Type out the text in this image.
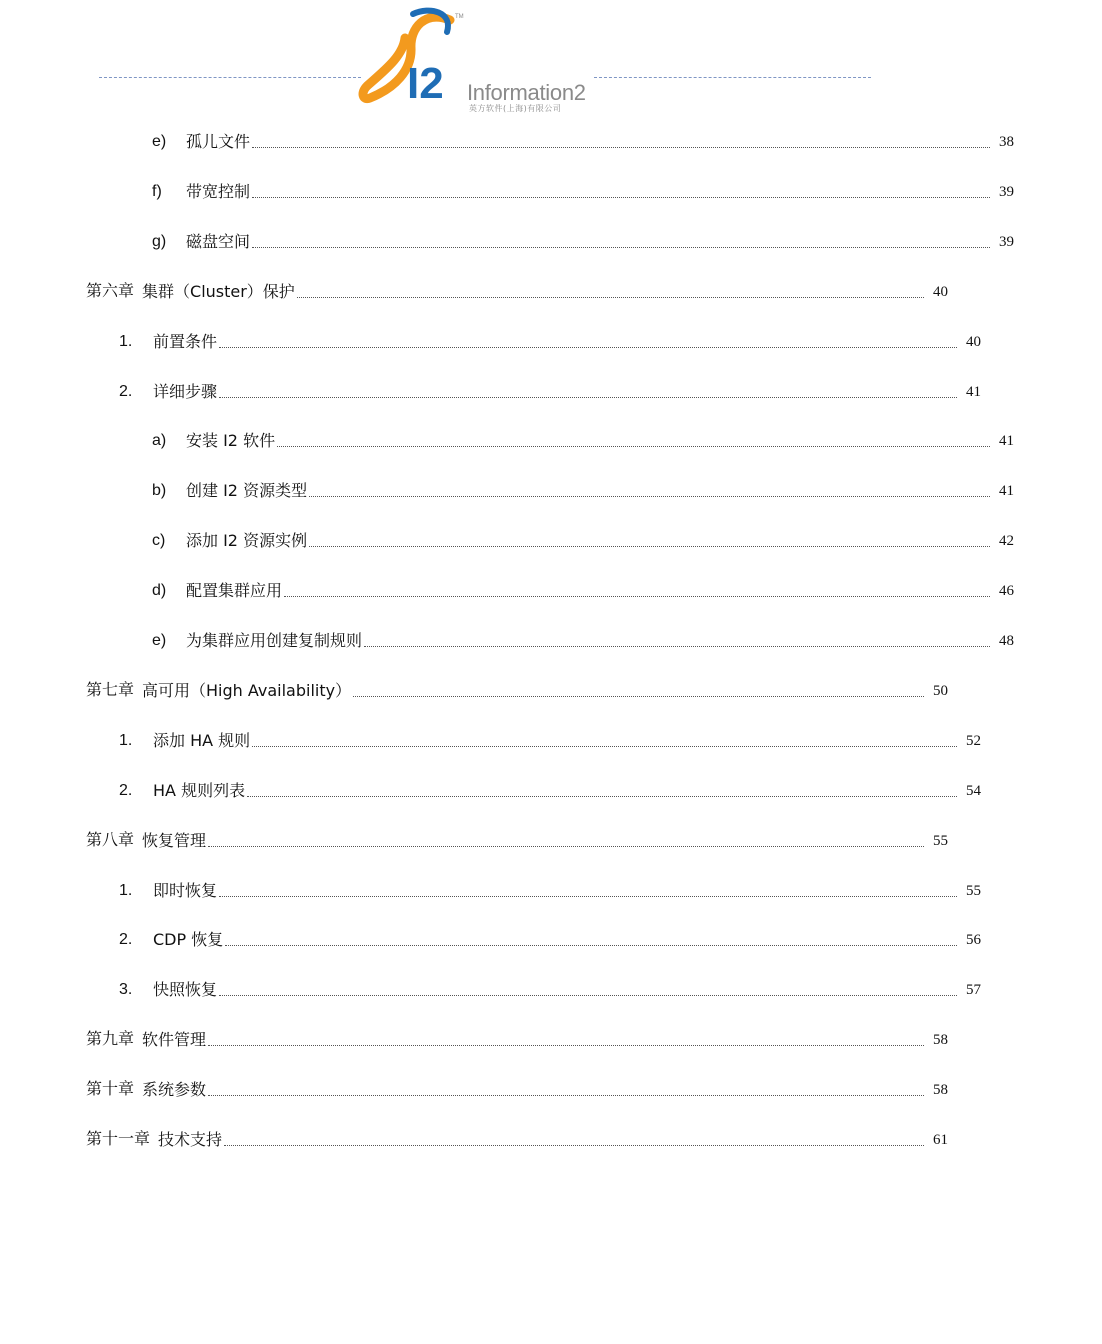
I2
TM
Information2
英方软件(上海)有限公司
e)	孤儿文件	38
f)	带宽控制	39
g)	磁盘空间	39
第六章 集群（Cluster）保护	40
1.	前置条件	40
2.	详细步骤	41
a)	安装 I2 软件	41
b)	创建 I2 资源类型	41
c)	添加 I2 资源实例	42
d)	配置集群应用	46
e)	为集群应用创建复制规则	48
第七章 高可用（High Availability）	50
1.	添加 HA 规则	52
2.	HA 规则列表	54
第八章 恢复管理	55
1.	即时恢复	55
2.	CDP 恢复	56
3.	快照恢复	57
第九章 软件管理	58
第十章 系统参数	58
第十一章 技术支持	61
